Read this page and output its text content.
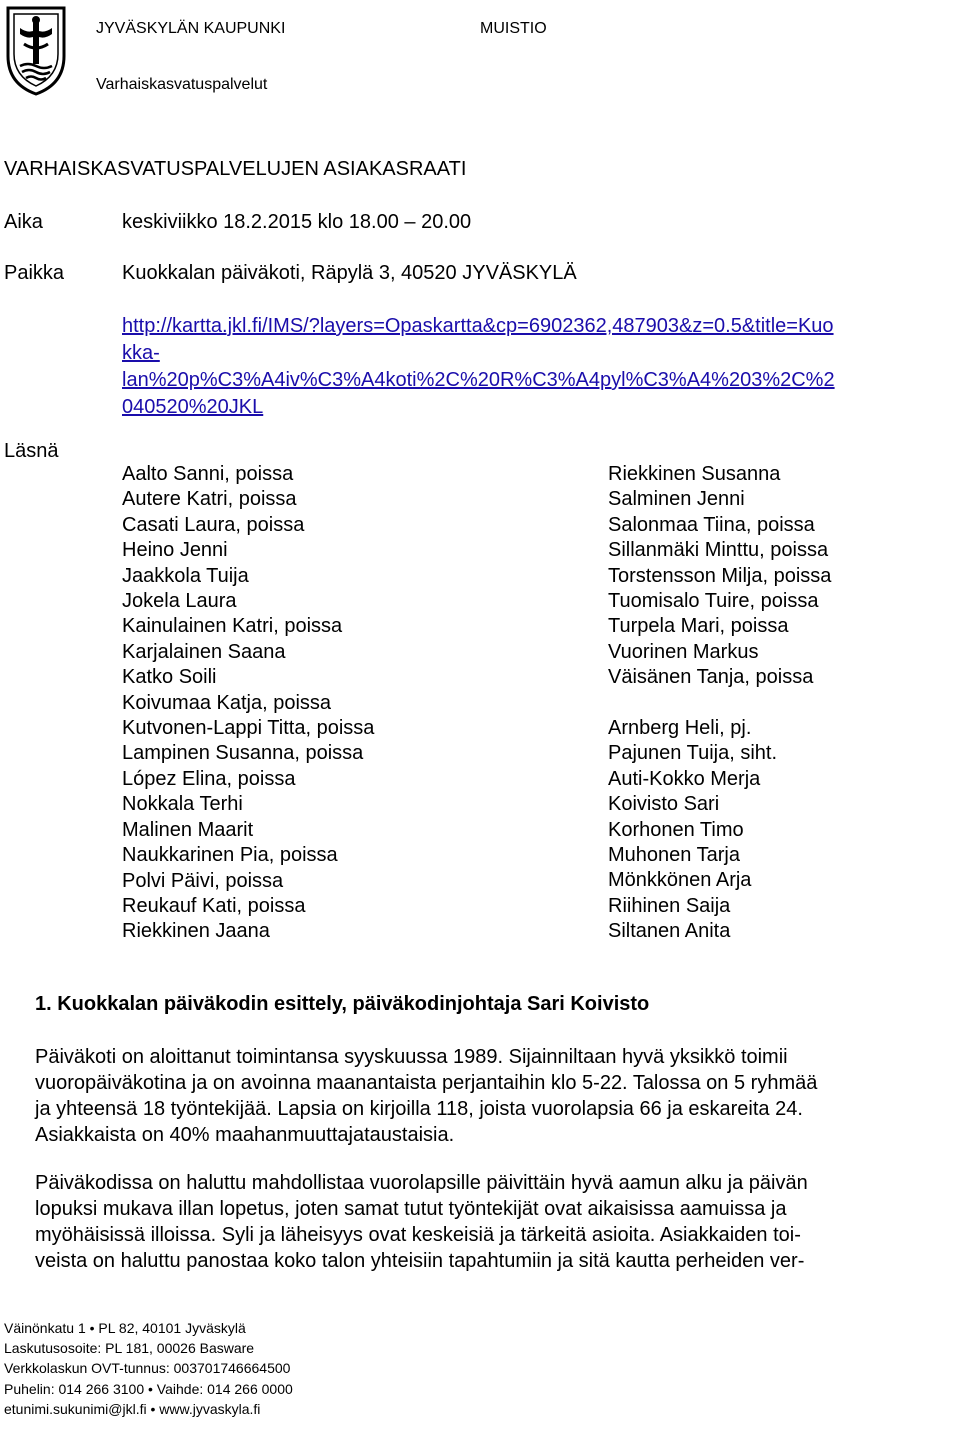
JYVÄSKYLÄN KAUPUNKI	MUISTIO
Varhaiskasvatuspalvelut
VARHAISKASVATUSPALVELUJEN ASIAKASRAATI
Aika	keskiviikko 18.2.2015 klo 18.00 – 20.00
Paikka	Kuokkalan päiväkoti, Räpylä 3, 40520 JYVÄSKYLÄ
http://kartta.jkl.fi/IMS/?layers=Opaskartta&cp=6902362,487903&z=0.5&title=Kuo
kka-
lan%20p%C3%A4iv%C3%A4koti%2C%20R%C3%A4pyl%C3%A4%203%2C%2
040520%20JKL
Läsnä
Aalto Sanni, poissa
Autere Katri, poissa
Casati Laura, poissa
Heino Jenni
Jaakkola Tuija
Jokela Laura
Kainulainen Katri, poissa
Karjalainen Saana
Katko Soili
Koivumaa Katja, poissa
Kutvonen-Lappi Titta, poissa
Lampinen Susanna, poissa
López Elina, poissa
Nokkala Terhi
Malinen Maarit
Naukkarinen Pia, poissa
Polvi Päivi, poissa
Reukauf Kati, poissa
Riekkinen Jaana
Riekkinen Susanna
Salminen Jenni
Salonmaa Tiina, poissa
Sillanmäki Minttu, poissa
Torstensson Milja, poissa
Tuomisalo Tuire, poissa
Turpela Mari, poissa
Vuorinen Markus
Väisänen Tanja, poissa
Arnberg Heli, pj.
Pajunen Tuija, siht.
Auti-Kokko Merja
Koivisto Sari
Korhonen Timo
Muhonen Tarja
Mönkkönen Arja
Riihinen Saija
Siltanen Anita
1. Kuokkalan päiväkodin esittely, päiväkodinjohtaja Sari Koivisto
Päiväkoti on aloittanut toimintansa syyskuussa 1989. Sijainniltaan hyvä yksikkö toimii
vuoropäiväkotina ja on avoinna maanantaista perjantaihin klo 5-22. Talossa on 5 ryhmää
ja yhteensä 18 työntekijää. Lapsia on kirjoilla 118, joista vuorolapsia 66 ja eskareita 24.
Asiakkaista on 40% maahanmuuttajataustaisia.
Päiväkodissa on haluttu mahdollistaa vuorolapsille päivittäin hyvä aamun alku ja päivän
lopuksi mukava illan lopetus, joten samat tutut työntekijät ovat aikaisissa aamuissa ja
myöhäisissä illoissa. Syli ja läheisyys ovat keskeisiä ja tärkeitä asioita. Asiakkaiden toi-
veista on haluttu panostaa koko talon yhteisiin tapahtumiin ja sitä kautta perheiden ver-
Väinönkatu 1 • PL 82, 40101 Jyväskylä
Laskutusosoite: PL 181, 00026 Basware
Verkkolaskun OVT-tunnus: 003701746664500
Puhelin: 014 266 3100 • Vaihde: 014 266 0000
etunimi.sukunimi@jkl.fi • www.jyvaskyla.fi
